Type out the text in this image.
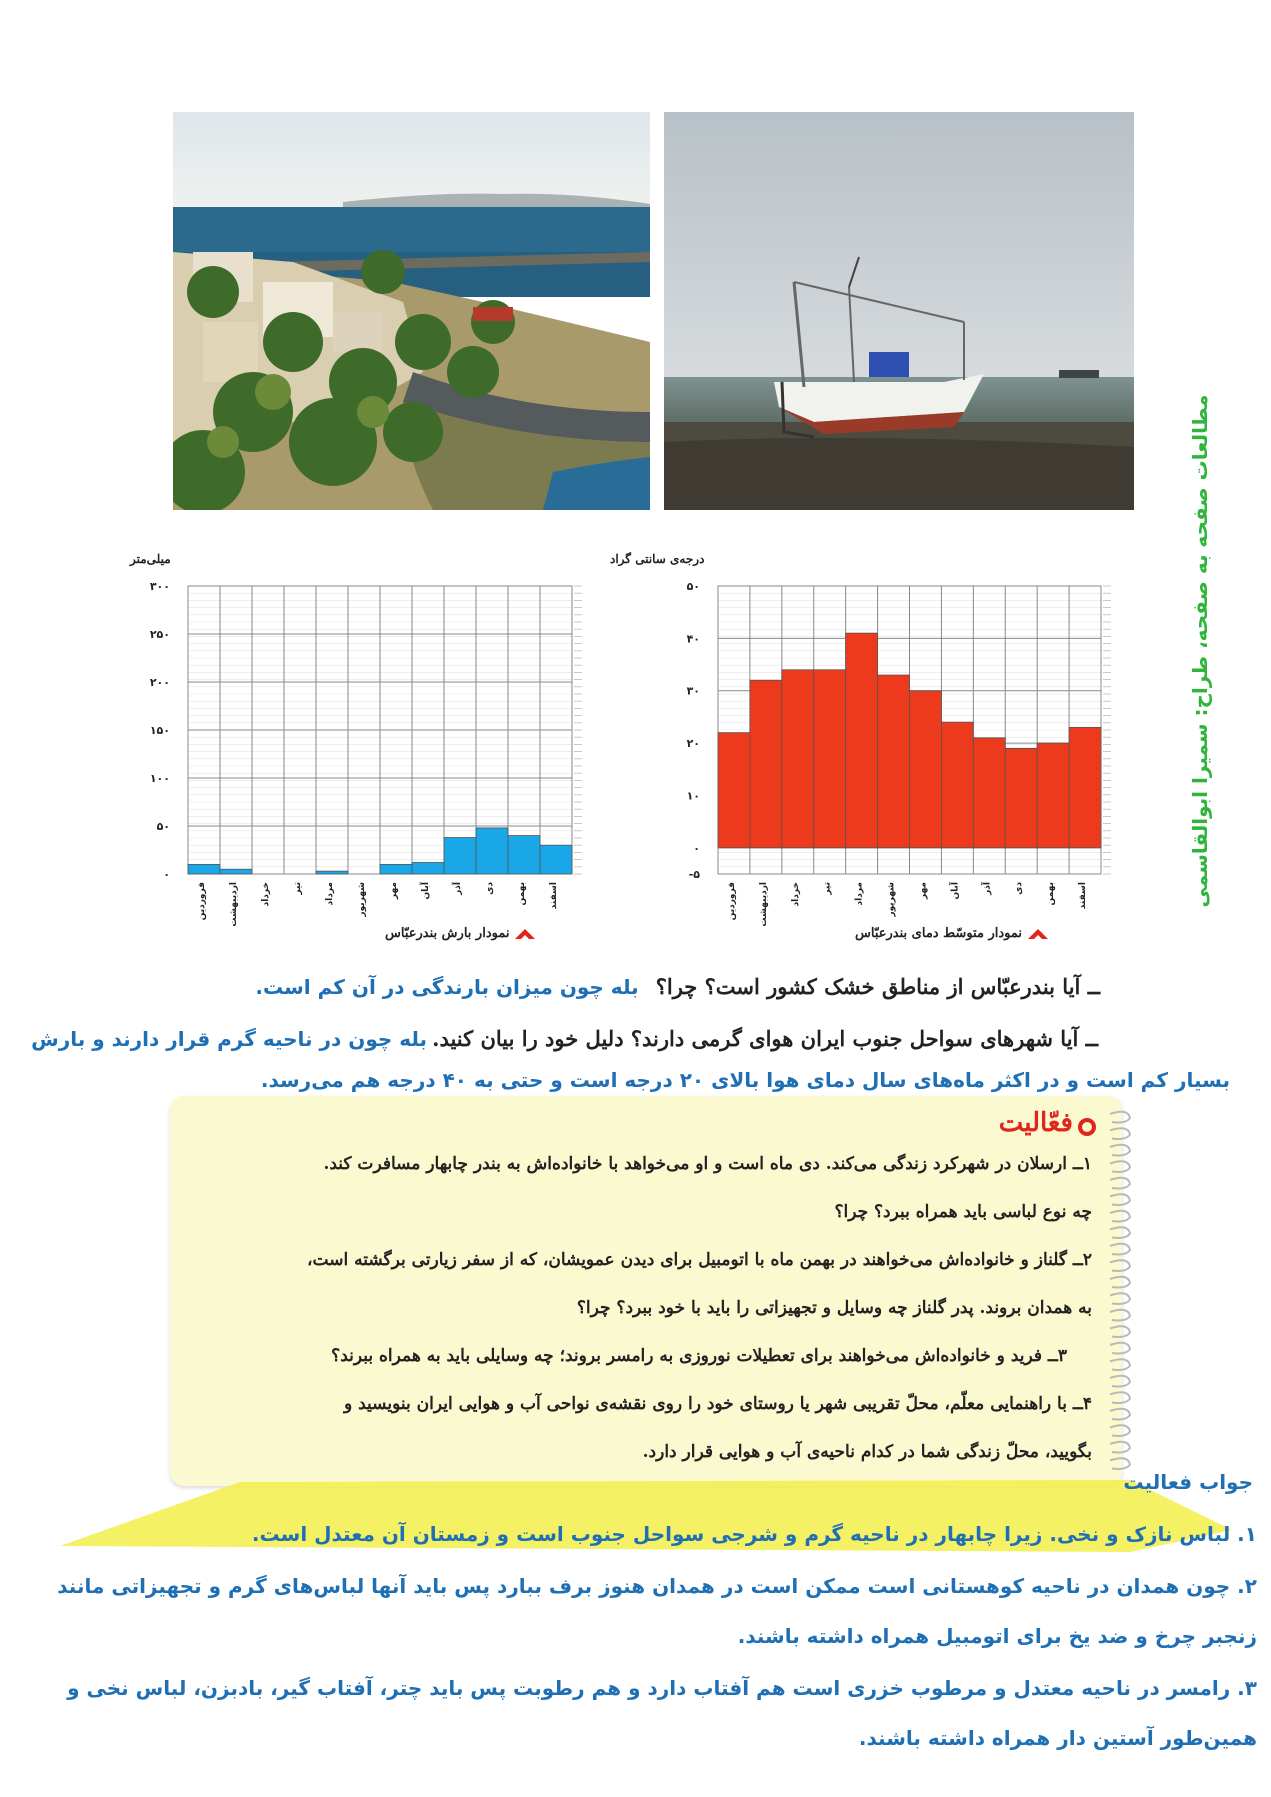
میلی‌متر
۳۰۰
۲۵۰
۲۰۰
۱۵۰
۱۰۰
۵۰
۰
فروردین اردیبهشت خرداد تیر مرداد شهریور مهر آبان آذر دی بهمن اسفند
نمودار بارش بندرعبّاس
درجه‌ی سانتی گراد
۵۰
۴۰
۳۰
۲۰
۱۰
۰
-۵
فروردین اردیبهشت خرداد تیر مرداد شهریور مهر آبان آذر دی بهمن اسفند
نمودار متوسّط دمای بندرعبّاس
مطالعات صفحه به صفحه، طراح: سمیرا ابوالقاسمی
ــ آیا بندرعبّاس از مناطق خشک کشور است؟ چرا؟ بله چون میزان بارندگی در آن کم است.
ــ آیا شهرهای سواحل جنوب ایران هوای گرمی دارند؟ دلیل خود را بیان کنید. بله چون در ناحیه گرم قرار دارند و بارش
بسیار کم است و در اکثر ماه‌های سال دمای هوا بالای ۲۰ درجه است و حتی به ۴۰ درجه هم می‌رسد.
فعّالیت
۱ــ ارسلان در شهرکرد زندگی می‌کند. دی ماه است و او می‌خواهد با خانواده‌اش به بندر چابهار مسافرت کند.
چه نوع لباسی باید همراه ببرد؟ چرا؟
۲ــ گلناز و خانواده‌اش می‌خواهند در بهمن ماه با اتومبیل برای دیدن عمویشان، که از سفر زیارتی برگشته است،
به همدان بروند. پدر گلناز چه وسایل و تجهیزاتی را باید با خود ببرد؟ چرا؟
۳ــ فرید و خانواده‌اش می‌خواهند برای تعطیلات نوروزی به رامسر بروند؛ چه وسایلی باید به همراه ببرند؟
۴ــ با راهنمایی معلّم، محلّ تقریبی شهر یا روستای خود را روی نقشه‌ی نواحی آب و هوایی ایران بنویسید و
بگویید، محلّ زندگی شما در کدام ناحیه‌ی آب و هوایی قرار دارد.
جواب فعالیت
۱. لباس نازک و نخی. زیرا چابهار در ناحیه گرم و شرجی سواحل جنوب است و زمستان آن معتدل است.
۲. چون همدان در ناحیه کوهستانی است ممکن است در همدان هنوز برف ببارد پس باید آنها لباس‌های گرم و تجهیزاتی مانند
زنجبر چرخ و ضد یخ برای اتومبیل همراه داشته باشند.
۳. رامسر در ناحیه معتدل و مرطوب خزری است هم آفتاب دارد و هم رطوبت پس باید چتر، آفتاب گیر، بادبزن، لباس نخی و
همین‌طور آستین دار همراه داشته باشند.
